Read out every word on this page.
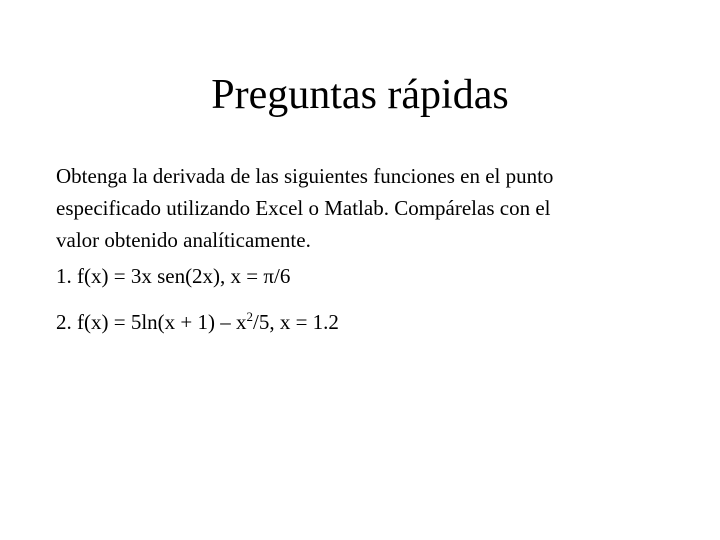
Preguntas rápidas

Obtenga la derivada de las siguientes funciones en el punto
especificado utilizando Excel o Matlab. Compárelas con el
valor obtenido analíticamente.

1. f(x) = 3x sen(2x), x = π/6

2. $f(x) = 5\ln(x + 1) - x^2/5$, x = 1.2
